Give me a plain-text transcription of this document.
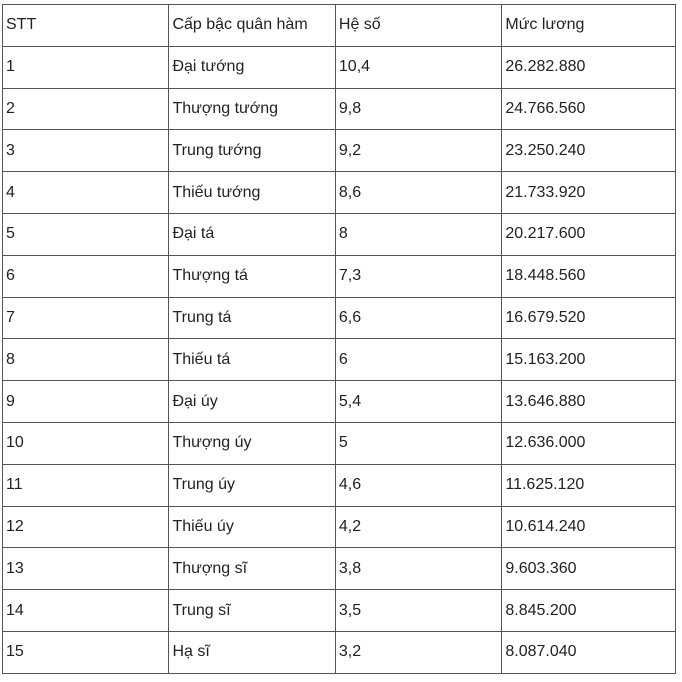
STT	Cấp bậc quân hàm	Hệ số	Mức lương
1	Đại tướng	10,4	26.282.880
2	Thượng tướng	9,8	24.766.560
3	Trung tướng	9,2	23.250.240
4	Thiếu tướng	8,6	21.733.920
5	Đại tá	8	20.217.600
6	Thượng tá	7,3	18.448.560
7	Trung tá	6,6	16.679.520
8	Thiếu tá	6	15.163.200
9	Đại úy	5,4	13.646.880
10	Thượng úy	5	12.636.000
11	Trung úy	4,6	11.625.120
12	Thiếu úy	4,2	10.614.240
13	Thượng sĩ	3,8	9.603.360
14	Trung sĩ	3,5	8.845.200
15	Hạ sĩ	3,2	8.087.040
